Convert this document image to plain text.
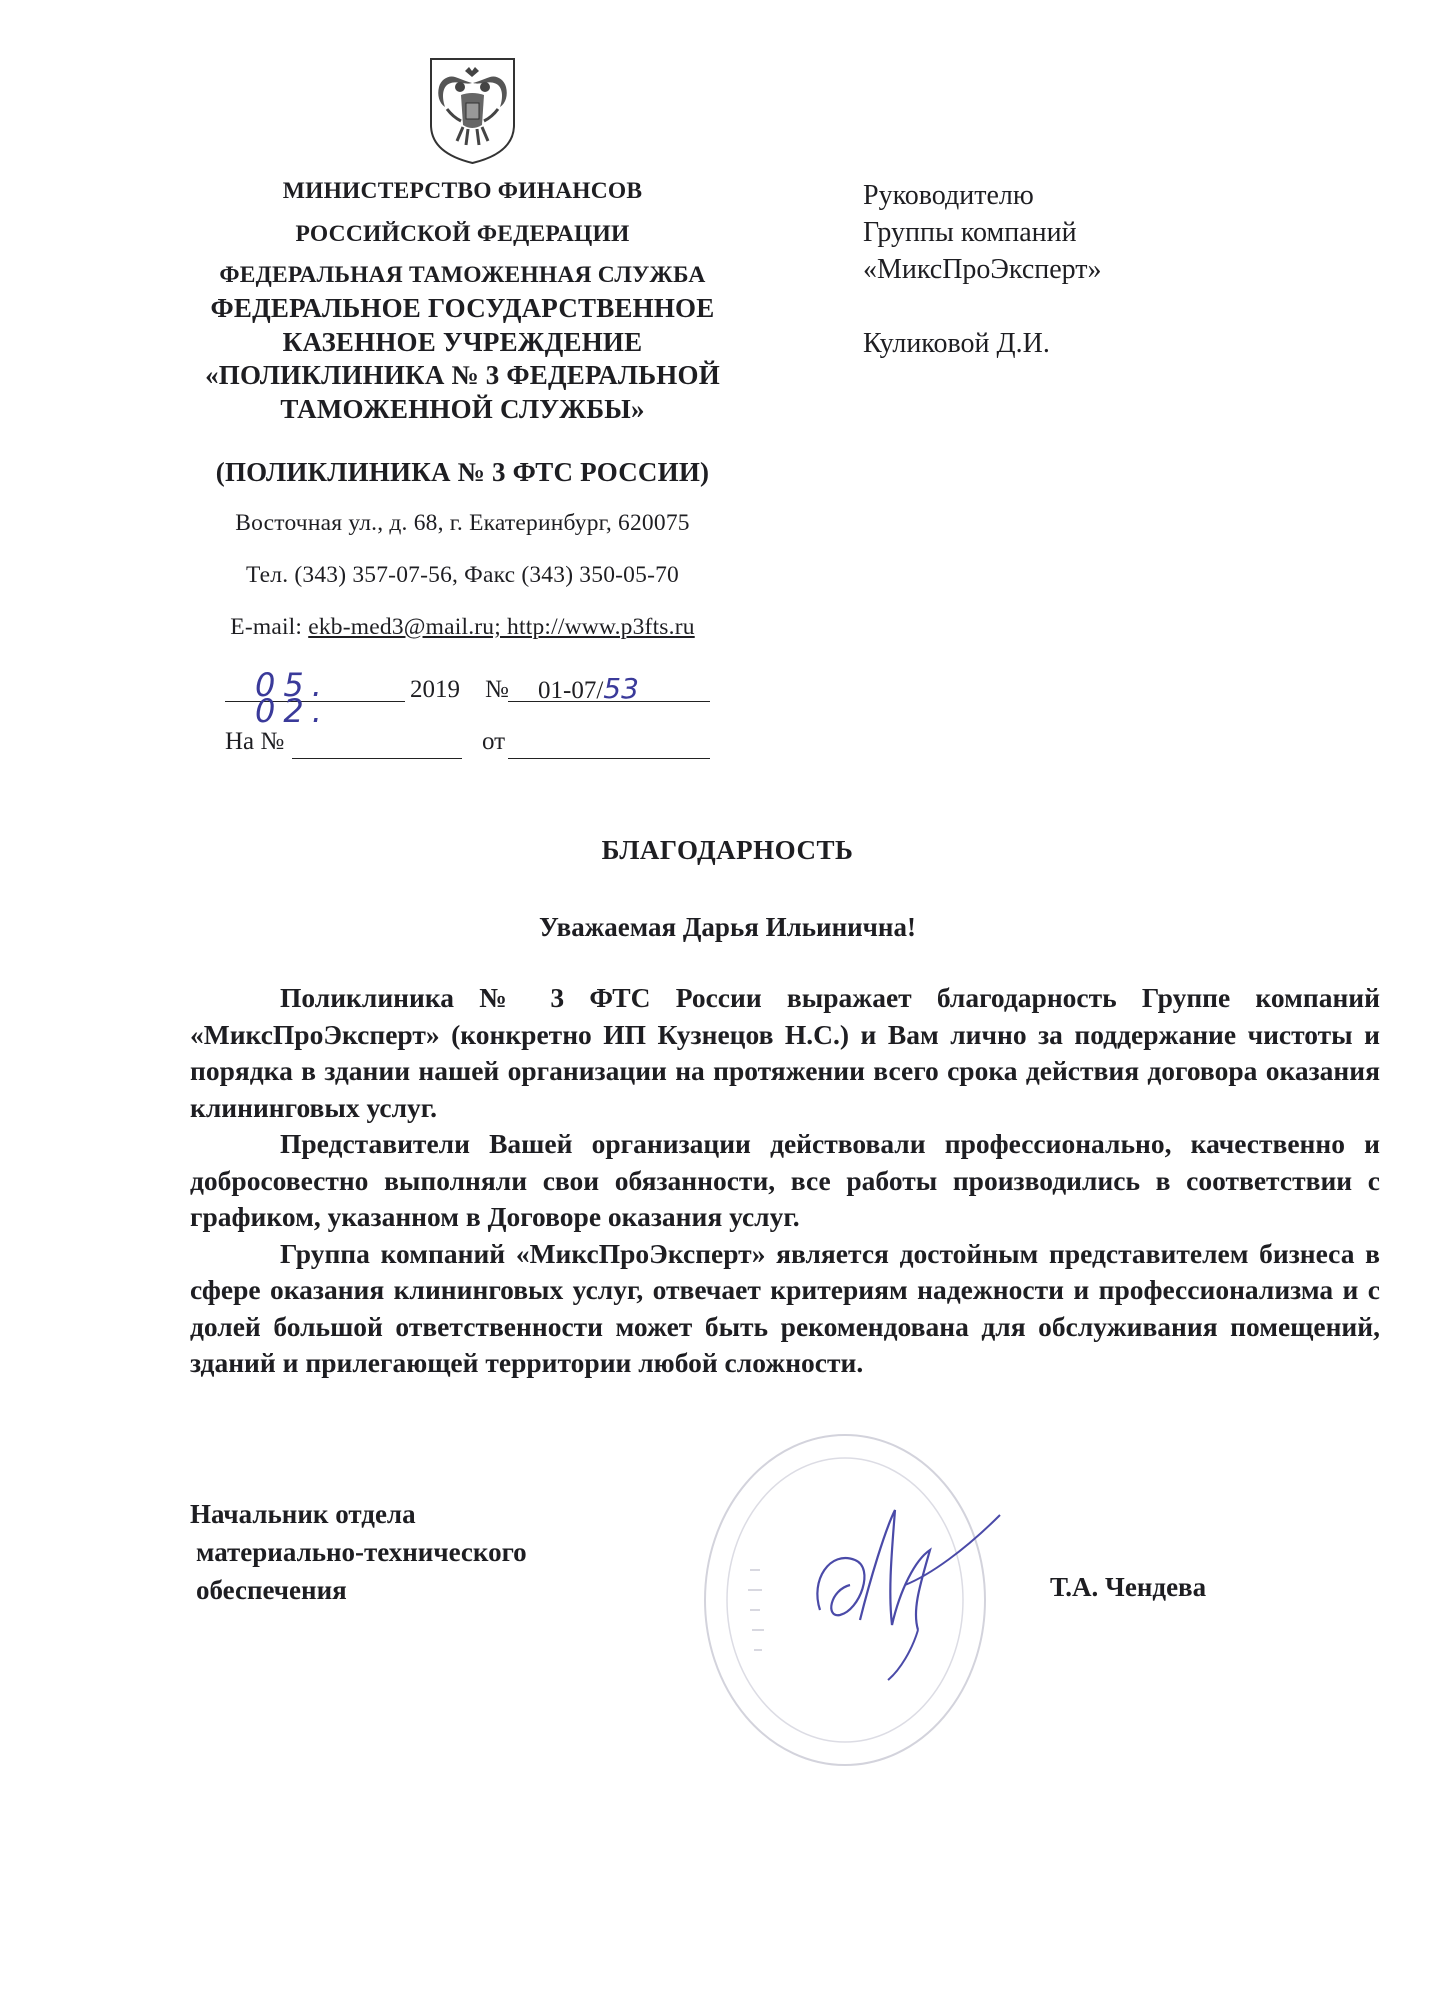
МИНИСТЕРСТВО ФИНАНСОВ
РОССИЙСКОЙ ФЕДЕРАЦИИ
ФЕДЕРАЛЬНАЯ ТАМОЖЕННАЯ СЛУЖБА
ФЕДЕРАЛЬНОЕ ГОСУДАРСТВЕННОЕ
КАЗЕННОЕ УЧРЕЖДЕНИЕ
«ПОЛИКЛИНИКА № 3 ФЕДЕРАЛЬНОЙ
ТАМОЖЕННОЙ СЛУЖБЫ»
(ПОЛИКЛИНИКА № 3 ФТС РОССИИ)
Восточная ул., д. 68, г. Екатеринбург, 620075
Тел. (343) 357-07-56, Факс (343) 350-05-70
E-mail: ekb-med3@mail.ru; http://www.p3fts.ru
05. 02.
2019 №	01-07/53
На №	от
Руководителю
Группы компаний
«МиксПроЭксперт»
Куликовой Д.И.
БЛАГОДАРНОСТЬ
Уважаемая Дарья Ильинична!

Поликлиника № 3 ФТС России выражает благодарность Группе компаний «МиксПроЭксперт» (конкретно ИП Кузнецов Н.С.) и Вам лично за поддержание чистоты и порядка в здании нашей организации на протяжении всего срока действия договора оказания клининговых услуг.

Представители Вашей организации действовали профессионально, качественно и добросовестно выполняли свои обязанности, все работы производились в соответствии с графиком, указанном в Договоре оказания услуг.

Группа компаний «МиксПроЭксперт» является достойным представителем бизнеса в сфере оказания клининговых услуг, отвечает критериям надежности и профессионализма и с долей большой ответственности может быть рекомендована для обслуживания помещений, зданий и прилегающей территории любой сложности.

Начальник отдела
материально-технического
обеспечения	Т.А. Чендева
